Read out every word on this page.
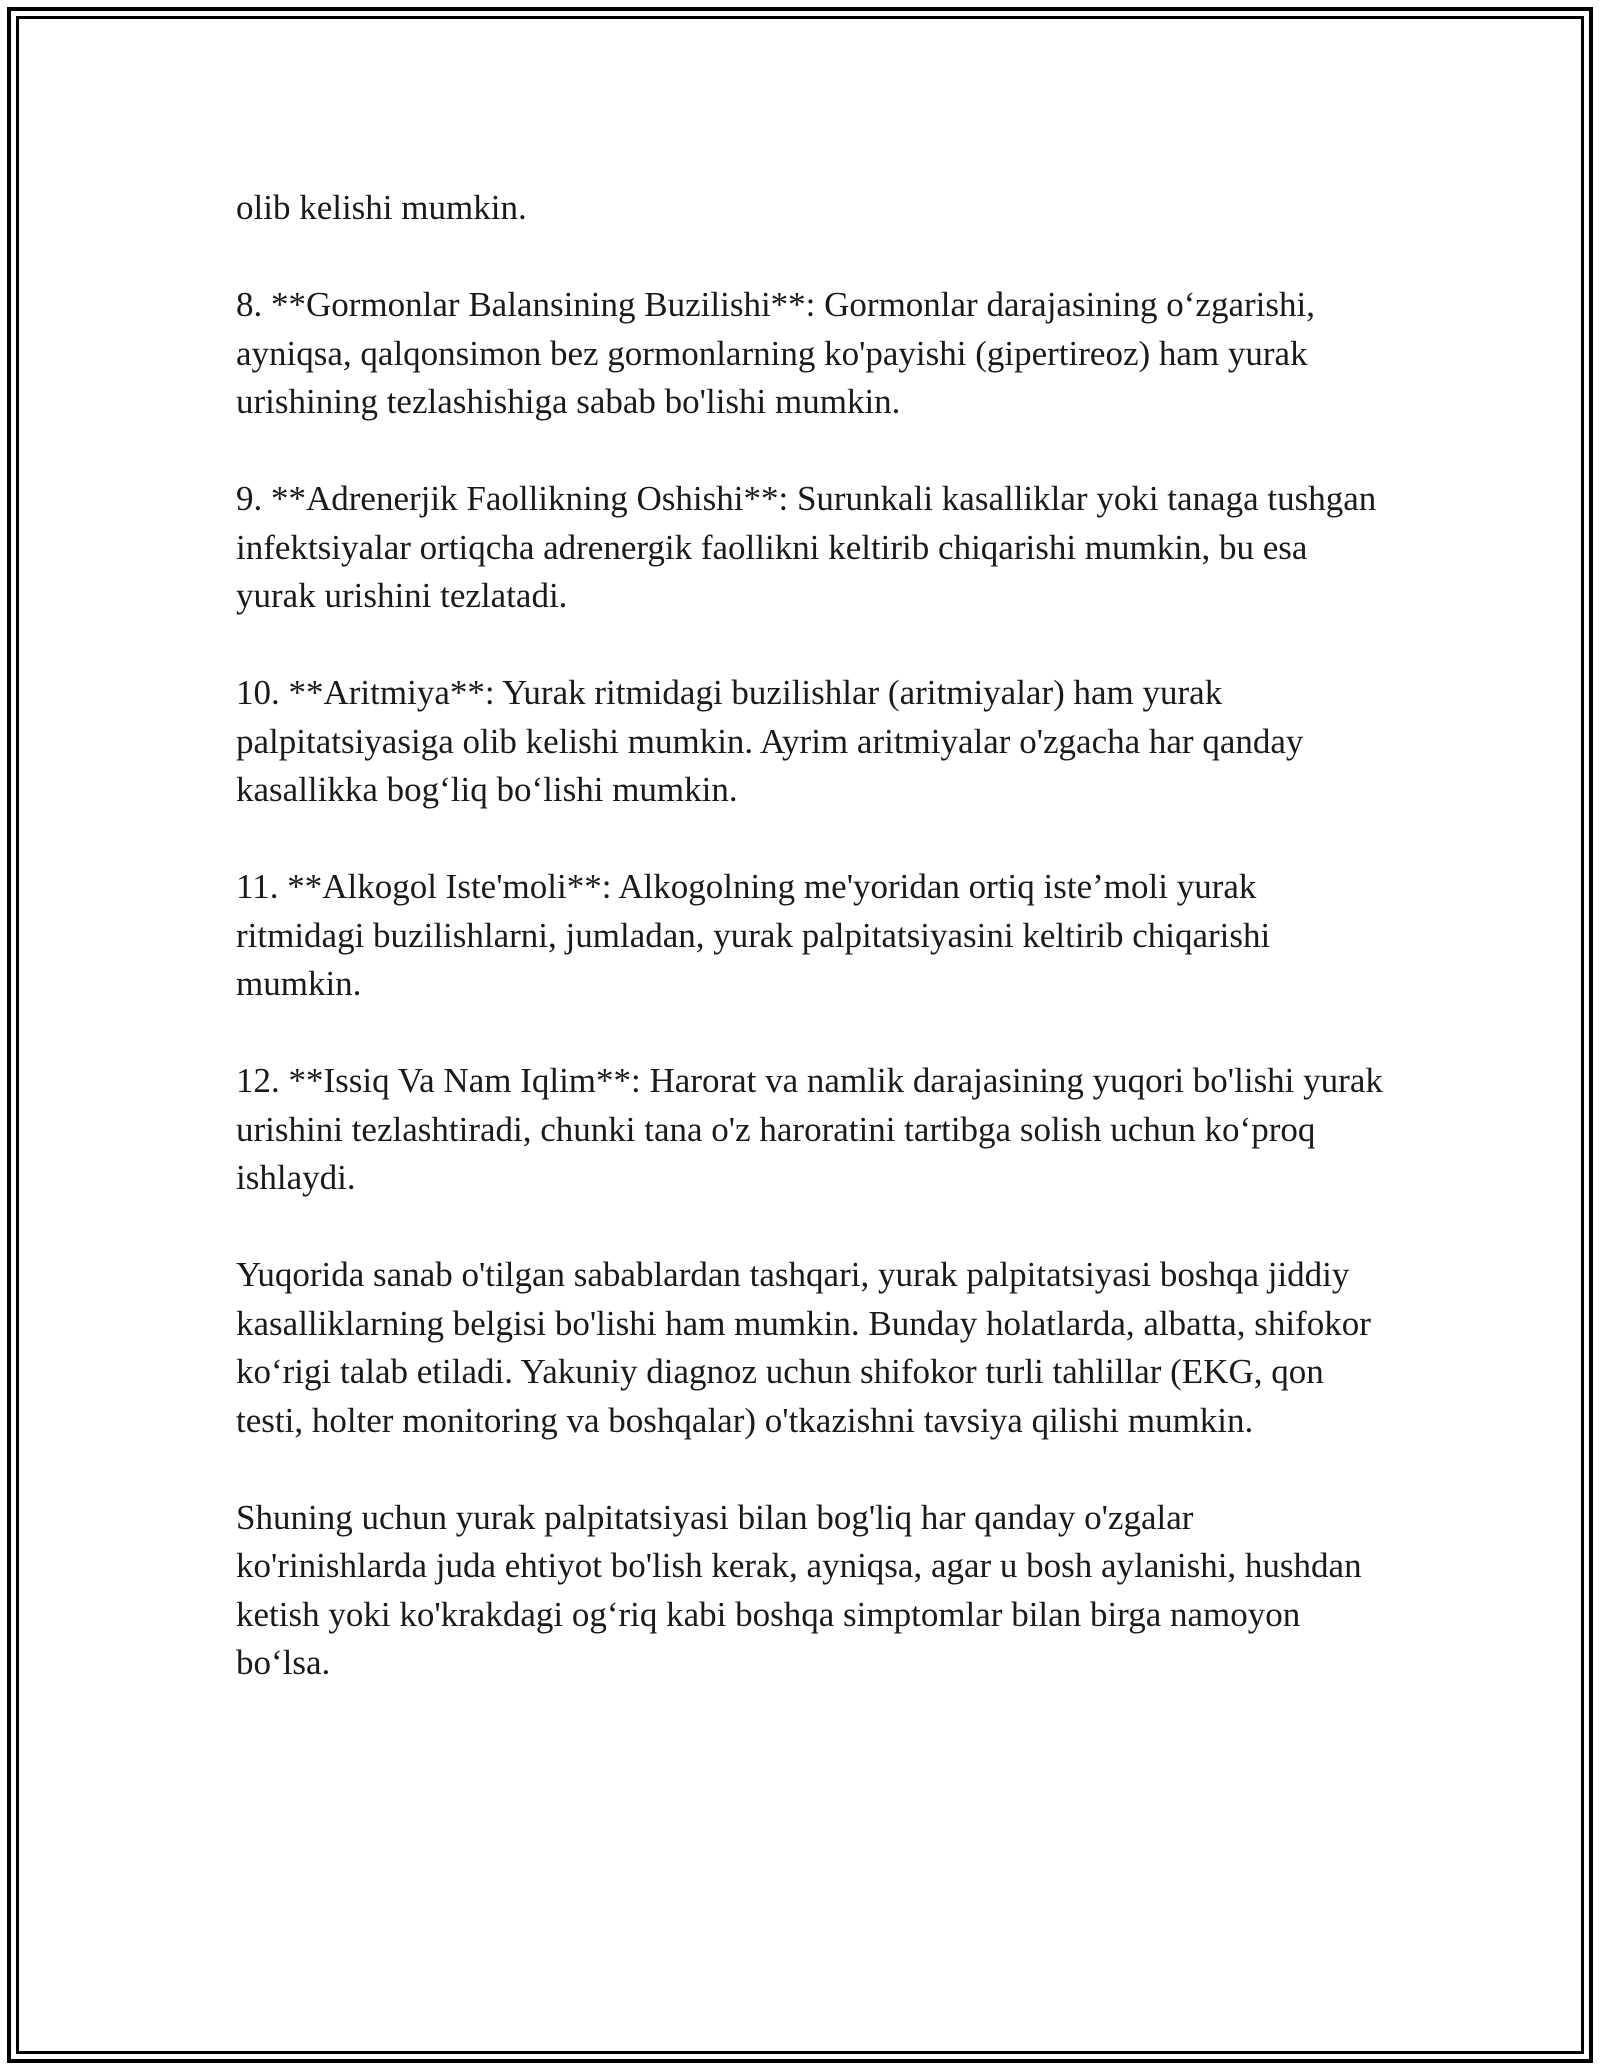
olib kelishi mumkin.

8. **Gormonlar Balansining Buzilishi**: Gormonlar darajasining o‘zgarishi, ayniqsa, qalqonsimon bez gormonlarning ko'payishi (gipertireoz) ham yurak urishining tezlashishiga sabab bo'lishi mumkin.

9. **Adrenerjik Faollikning Oshishi**: Surunkali kasalliklar yoki tanaga tushgan infektsiyalar ortiqcha adrenergik faollikni keltirib chiqarishi mumkin, bu esa yurak urishini tezlatadi.

10. **Aritmiya**: Yurak ritmidagi buzilishlar (aritmiyalar) ham yurak palpitatsiyasiga olib kelishi mumkin. Ayrim aritmiyalar o'zgacha har qanday kasallikka bog‘liq bo‘lishi mumkin.

11. **Alkogol Iste'moli**: Alkogolning me'yoridan ortiq iste’moli yurak ritmidagi buzilishlarni, jumladan, yurak palpitatsiyasini keltirib chiqarishi mumkin.

12. **Issiq Va Nam Iqlim**: Harorat va namlik darajasining yuqori bo'lishi yurak urishini tezlashtiradi, chunki tana o'z haroratini tartibga solish uchun ko‘proq ishlaydi.

Yuqorida sanab o'tilgan sabablardan tashqari, yurak palpitatsiyasi boshqa jiddiy kasalliklarning belgisi bo'lishi ham mumkin. Bunday holatlarda, albatta, shifokor ko‘rigi talab etiladi. Yakuniy diagnoz uchun shifokor turli tahlillar (EKG, qon testi, holter monitoring va boshqalar) o'tkazishni tavsiya qilishi mumkin.

Shuning uchun yurak palpitatsiyasi bilan bog'liq har qanday o'zgalar ko'rinishlarda juda ehtiyot bo'lish kerak, ayniqsa, agar u bosh aylanishi, hushdan ketish yoki ko'krakdagi og‘riq kabi boshqa simptomlar bilan birga namoyon bo‘lsa.
